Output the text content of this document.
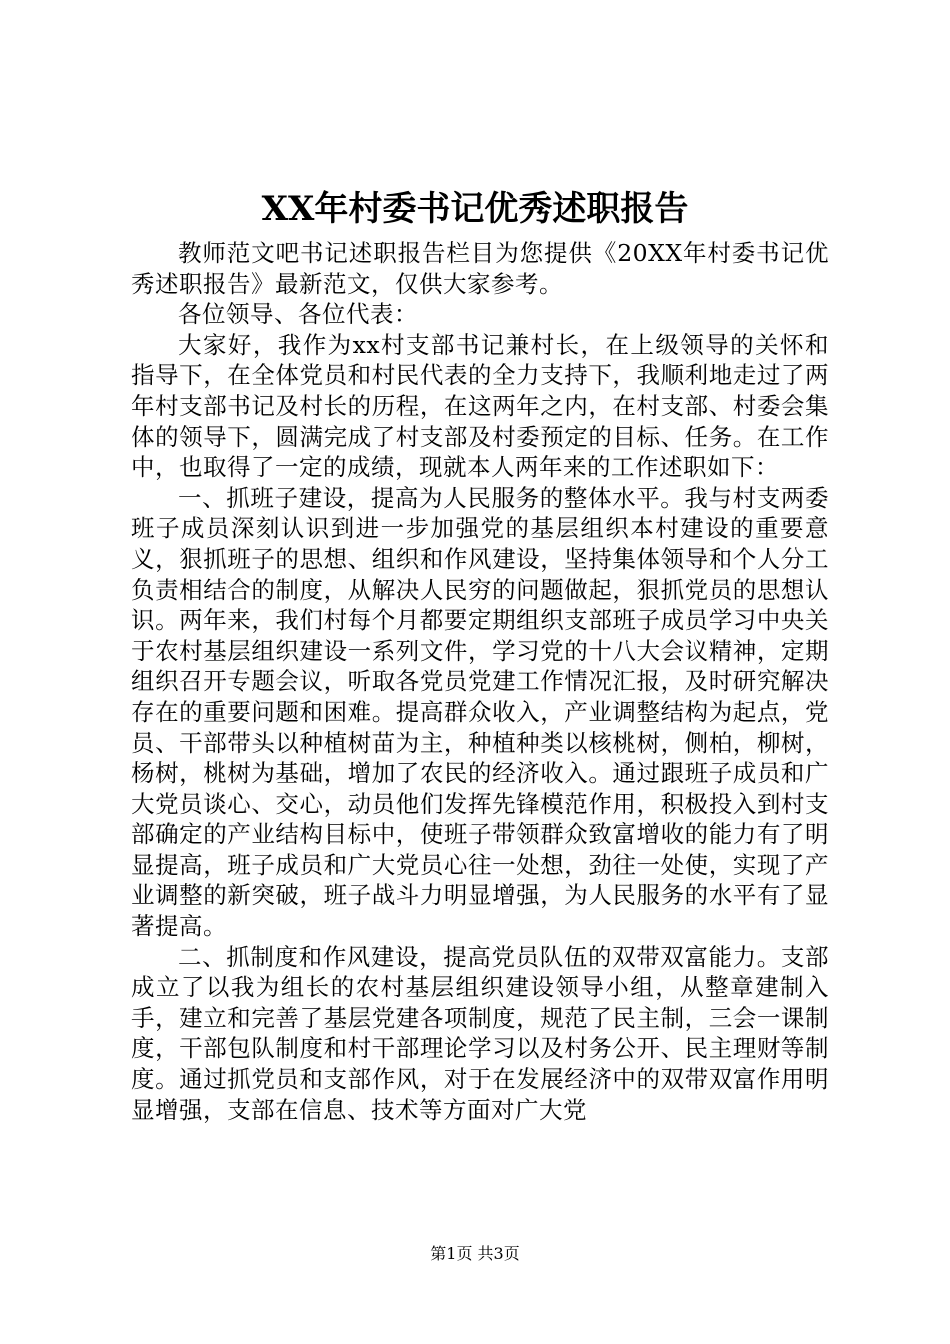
XX年村委书记优秀述职报告

教师范文吧书记述职报告栏目为您提供《20XX年村委书记优秀述职报告》最新范文，仅供大家参考。

各位领导、各位代表：

大家好，我作为xx村支部书记兼村长，在上级领导的关怀和指导下，在全体党员和村民代表的全力支持下，我顺利地走过了两年村支部书记及村长的历程，在这两年之内，在村支部、村委会集体的领导下，圆满完成了村支部及村委预定的目标、任务。在工作中，也取得了一定的成绩，现就本人两年来的工作述职如下：

一、抓班子建设，提高为人民服务的整体水平。我与村支两委班子成员深刻认识到进一步加强党的基层组织本村建设的重要意义，狠抓班子的思想、组织和作风建设，坚持集体领导和个人分工负责相结合的制度，从解决人民穷的问题做起，狠抓党员的思想认识。两年来，我们村每个月都要定期组织支部班子成员学习中央关于农村基层组织建设一系列文件，学习党的十八大会议精神，定期组织召开专题会议，听取各党员党建工作情况汇报，及时研究解决存在的重要问题和困难。提高群众收入，产业调整结构为起点，党员、干部带头以种植树苗为主，种植种类以核桃树，侧柏，柳树，杨树，桃树为基础，增加了农民的经济收入。通过跟班子成员和广大党员谈心、交心，动员他们发挥先锋模范作用，积极投入到村支部确定的产业结构目标中，使班子带领群众致富增收的能力有了明显提高，班子成员和广大党员心往一处想，劲往一处使，实现了产业调整的新突破，班子战斗力明显增强，为人民服务的水平有了显著提高。

二、抓制度和作风建设，提高党员队伍的双带双富能力。支部成立了以我为组长的农村基层组织建设领导小组，从整章建制入手，建立和完善了基层党建各项制度，规范了民主制，三会一课制度，干部包队制度和村干部理论学习以及村务公开、民主理财等制度。通过抓党员和支部作风，对于在发展经济中的双带双富作用明显增强，支部在信息、技术等方面对广大党

第1页 共3页
